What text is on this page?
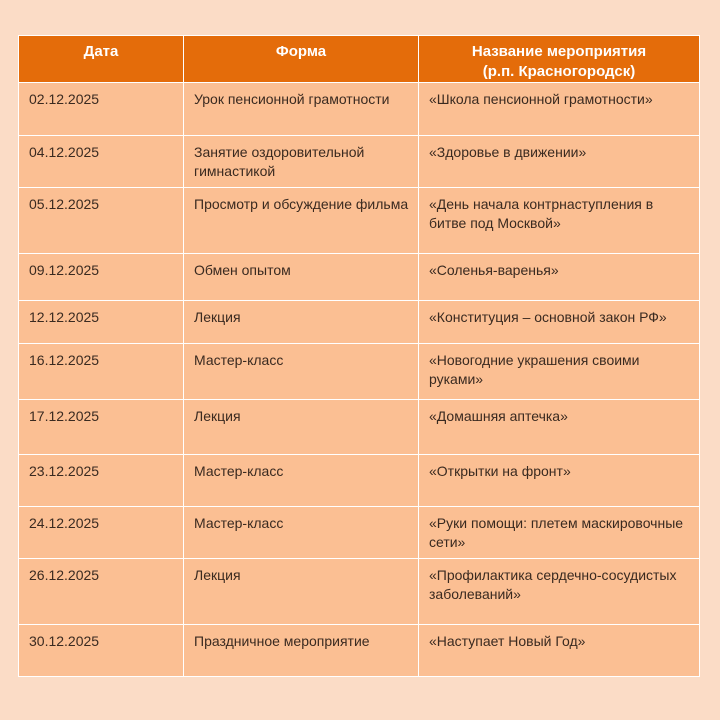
Дата	Форма	Название мероприятия
(р.п. Красногородск)

02.12.2025	Урок пенсионной грамотности	«Школа пенсионной грамотности»
04.12.2025	Занятие оздоровительной гимнастикой	«Здоровье в движении»
05.12.2025	Просмотр и обсуждение фильма	«День начала контрнаступления в битве под Москвой»
09.12.2025	Обмен опытом	«Соленья-варенья»
12.12.2025	Лекция	«Конституция – основной закон РФ»
16.12.2025	Мастер-класс	«Новогодние украшения своими руками»
17.12.2025	Лекция	«Домашняя аптечка»
23.12.2025	Мастер-класс	«Открытки на фронт»
24.12.2025	Мастер-класс	«Руки помощи: плетем маскировочные сети»
26.12.2025	Лекция	«Профилактика сердечно-сосудистых заболеваний»
30.12.2025	Праздничное мероприятие	«Наступает Новый Год»
